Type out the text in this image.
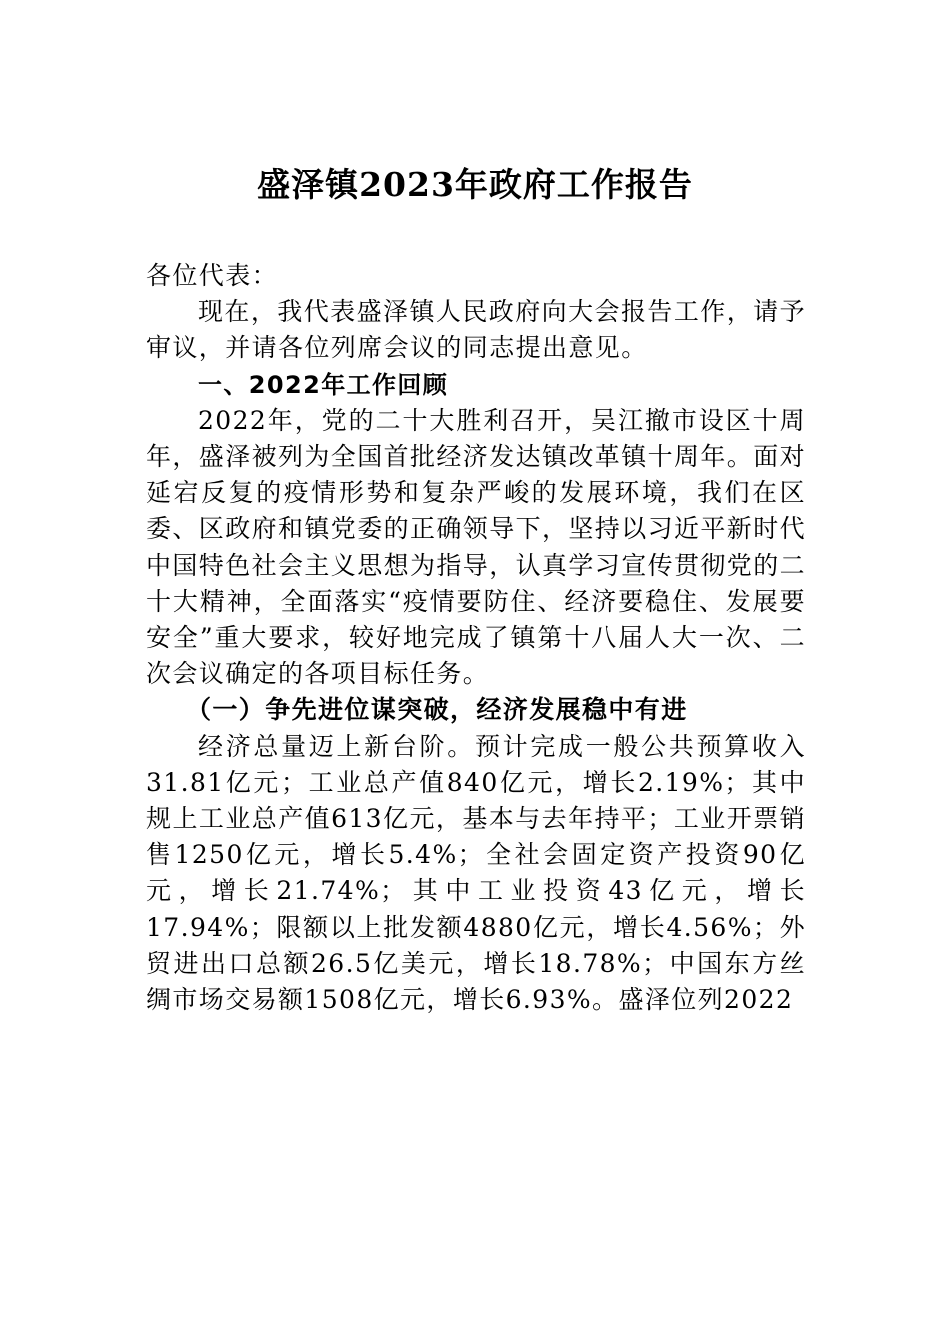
盛泽镇2023年政府工作报告

各位代表：

现在，我代表盛泽镇人民政府向大会报告工作，请予审议，并请各位列席会议的同志提出意见。

一、2022年工作回顾

2022年，党的二十大胜利召开，吴江撤市设区十周年，盛泽被列为全国首批经济发达镇改革镇十周年。面对延宕反复的疫情形势和复杂严峻的发展环境，我们在区委、区政府和镇党委的正确领导下，坚持以习近平新时代中国特色社会主义思想为指导，认真学习宣传贯彻党的二十大精神，全面落实“疫情要防住、经济要稳住、发展要安全”重大要求，较好地完成了镇第十八届人大一次、二次会议确定的各项目标任务。

（一）争先进位谋突破，经济发展稳中有进

经济总量迈上新台阶。预计完成一般公共预算收入31.81亿元；工业总产值840亿元，增长2.19%；其中规上工业总产值613亿元，基本与去年持平；工业开票销售1250亿元，增长5.4%；全社会固定资产投资90亿元，增长21.74%；其中工业投资43亿元，增长17.94%；限额以上批发额4880亿元，增长4.56%；外贸进出口总额26.5亿美元，增长18.78%；中国东方丝绸市场交易额1508亿元，增长6.93%。盛泽位列2022
